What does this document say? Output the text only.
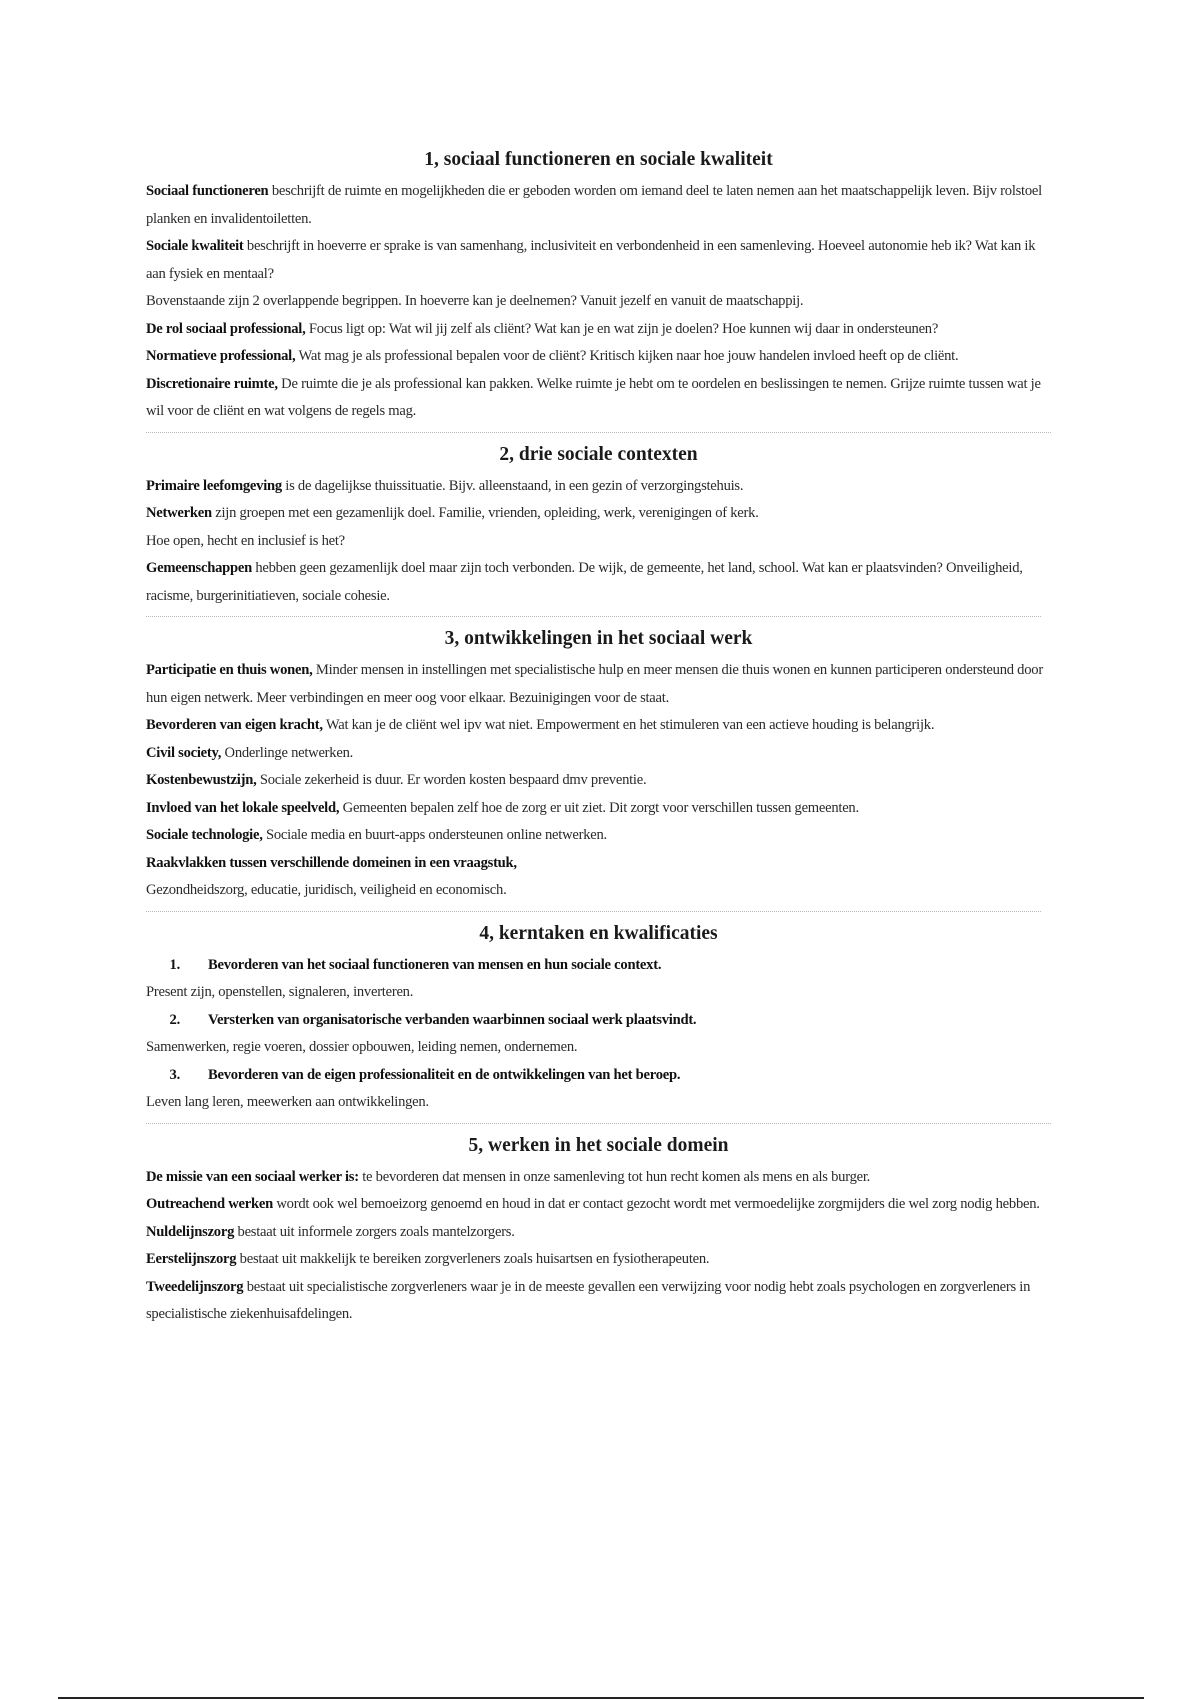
1, sociaal functioneren en sociale kwaliteit

Sociaal functioneren beschrijft de ruimte en mogelijkheden die er geboden worden om iemand deel te laten nemen aan het maatschappelijk leven. Bijv rolstoel planken en invalidentoiletten.

Sociale kwaliteit beschrijft in hoeverre er sprake is van samenhang, inclusiviteit en verbondenheid in een samenleving. Hoeveel autonomie heb ik? Wat kan ik aan fysiek en mentaal?

Bovenstaande zijn 2 overlappende begrippen. In hoeverre kan je deelnemen? Vanuit jezelf en vanuit de maatschappij.

De rol sociaal professional, Focus ligt op: Wat wil jij zelf als cliënt? Wat kan je en wat zijn je doelen? Hoe kunnen wij daar in ondersteunen?

Normatieve professional, Wat mag je als professional bepalen voor de cliënt? Kritisch kijken naar hoe jouw handelen invloed heeft op de cliënt.

Discretionaire ruimte, De ruimte die je als professional kan pakken. Welke ruimte je hebt om te oordelen en beslissingen te nemen. Grijze ruimte tussen wat je wil voor de cliënt en wat volgens de regels mag.

2, drie sociale contexten

Primaire leefomgeving is de dagelijkse thuissituatie. Bijv. alleenstaand, in een gezin of verzorgingstehuis.

Netwerken zijn groepen met een gezamenlijk doel. Familie, vrienden, opleiding, werk, verenigingen of kerk.

Hoe open, hecht en inclusief is het?

Gemeenschappen hebben geen gezamenlijk doel maar zijn toch verbonden. De wijk, de gemeente, het land, school. Wat kan er plaatsvinden? Onveiligheid, racisme, burgerinitiatieven, sociale cohesie.

3, ontwikkelingen in het sociaal werk

Participatie en thuis wonen, Minder mensen in instellingen met specialistische hulp en meer mensen die thuis wonen en kunnen participeren ondersteund door hun eigen netwerk. Meer verbindingen en meer oog voor elkaar. Bezuinigingen voor de staat.

Bevorderen van eigen kracht, Wat kan je de cliënt wel ipv wat niet. Empowerment en het stimuleren van een actieve houding is belangrijk.

Civil society, Onderlinge netwerken.

Kostenbewustzijn, Sociale zekerheid is duur. Er worden kosten bespaard dmv preventie.

Invloed van het lokale speelveld, Gemeenten bepalen zelf hoe de zorg er uit ziet. Dit zorgt voor verschillen tussen gemeenten.

Sociale technologie, Sociale media en buurt-apps ondersteunen online netwerken.

Raakvlakken tussen verschillende domeinen in een vraagstuk,

Gezondheidszorg, educatie, juridisch, veiligheid en economisch.

4, kerntaken en kwalificaties
1. Bevorderen van het sociaal functioneren van mensen en hun sociale context.

Present zijn, openstellen, signaleren, inverteren.

2. Versterken van organisatorische verbanden waarbinnen sociaal werk plaatsvindt.

Samenwerken, regie voeren, dossier opbouwen, leiding nemen, ondernemen.

3. Bevorderen van de eigen professionaliteit en de ontwikkelingen van het beroep.

Leven lang leren, meewerken aan ontwikkelingen.

5, werken in het sociale domein

De missie van een sociaal werker is: te bevorderen dat mensen in onze samenleving tot hun recht komen als mens en als burger.

Outreachend werken wordt ook wel bemoeizorg genoemd en houd in dat er contact gezocht wordt met vermoedelijke zorgmijders die wel zorg nodig hebben.

Nuldelijnszorg bestaat uit informele zorgers zoals mantelzorgers.

Eerstelijnszorg bestaat uit makkelijk te bereiken zorgverleners zoals huisartsen en fysiotherapeuten.

Tweedelijnszorg bestaat uit specialistische zorgverleners waar je in de meeste gevallen een verwijzing voor nodig hebt zoals psychologen en zorgverleners in specialistische ziekenhuisafdelingen.
